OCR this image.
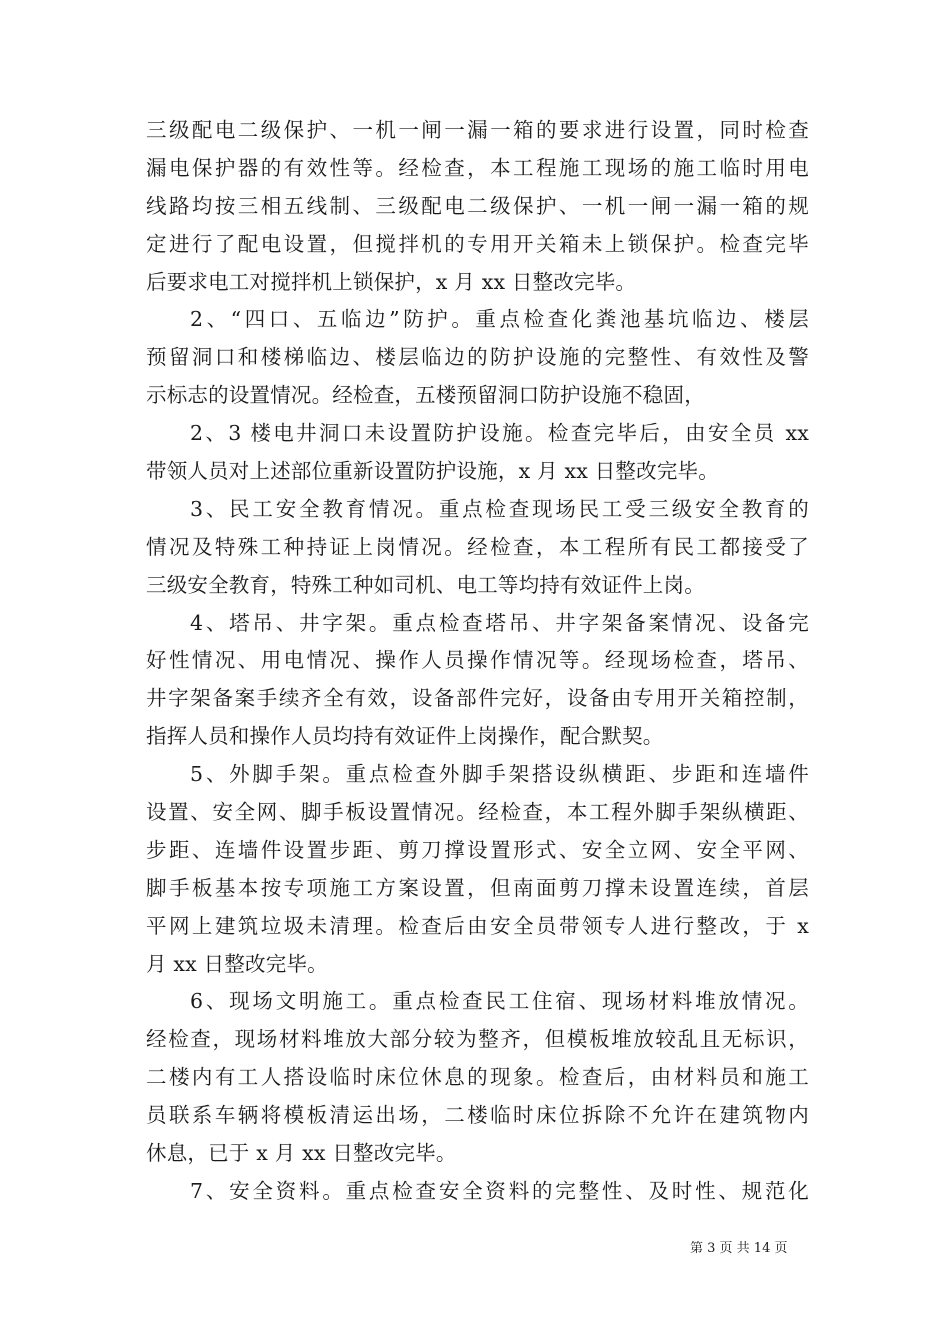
三级配电二级保护、一机一闸一漏一箱的要求进行设置，同时检查
漏电保护器的有效性等。经检查，本工程施工现场的施工临时用电
线路均按三相五线制、三级配电二级保护、一机一闸一漏一箱的规
定进行了配电设置，但搅拌机的专用开关箱未上锁保护。检查完毕
后要求电工对搅拌机上锁保护，x 月 xx 日整改完毕。
2、“四口、五临边”防护。重点检查化粪池基坑临边、楼层
预留洞口和楼梯临边、楼层临边的防护设施的完整性、有效性及警
示标志的设置情况。经检查，五楼预留洞口防护设施不稳固，
2、3 楼电井洞口未设置防护设施。检查完毕后，由安全员 xx
带领人员对上述部位重新设置防护设施，x 月 xx 日整改完毕。
3、民工安全教育情况。重点检查现场民工受三级安全教育的
情况及特殊工种持证上岗情况。经检查，本工程所有民工都接受了
三级安全教育，特殊工种如司机、电工等均持有效证件上岗。
4、塔吊、井字架。重点检查塔吊、井字架备案情况、设备完
好性情况、用电情况、操作人员操作情况等。经现场检查，塔吊、
井字架备案手续齐全有效，设备部件完好，设备由专用开关箱控制，
指挥人员和操作人员均持有效证件上岗操作，配合默契。
5、外脚手架。重点检查外脚手架搭设纵横距、步距和连墙件
设置、安全网、脚手板设置情况。经检查，本工程外脚手架纵横距、
步距、连墙件设置步距、剪刀撑设置形式、安全立网、安全平网、
脚手板基本按专项施工方案设置，但南面剪刀撑未设置连续，首层
平网上建筑垃圾未清理。检查后由安全员带领专人进行整改，于 x
月 xx 日整改完毕。
6、现场文明施工。重点检查民工住宿、现场材料堆放情况。
经检查，现场材料堆放大部分较为整齐，但模板堆放较乱且无标识，
二楼内有工人搭设临时床位休息的现象。检查后，由材料员和施工
员联系车辆将模板清运出场，二楼临时床位拆除不允许在建筑物内
休息，已于 x 月 xx 日整改完毕。
7、安全资料。重点检查安全资料的完整性、及时性、规范化
第 3 页 共 14 页
